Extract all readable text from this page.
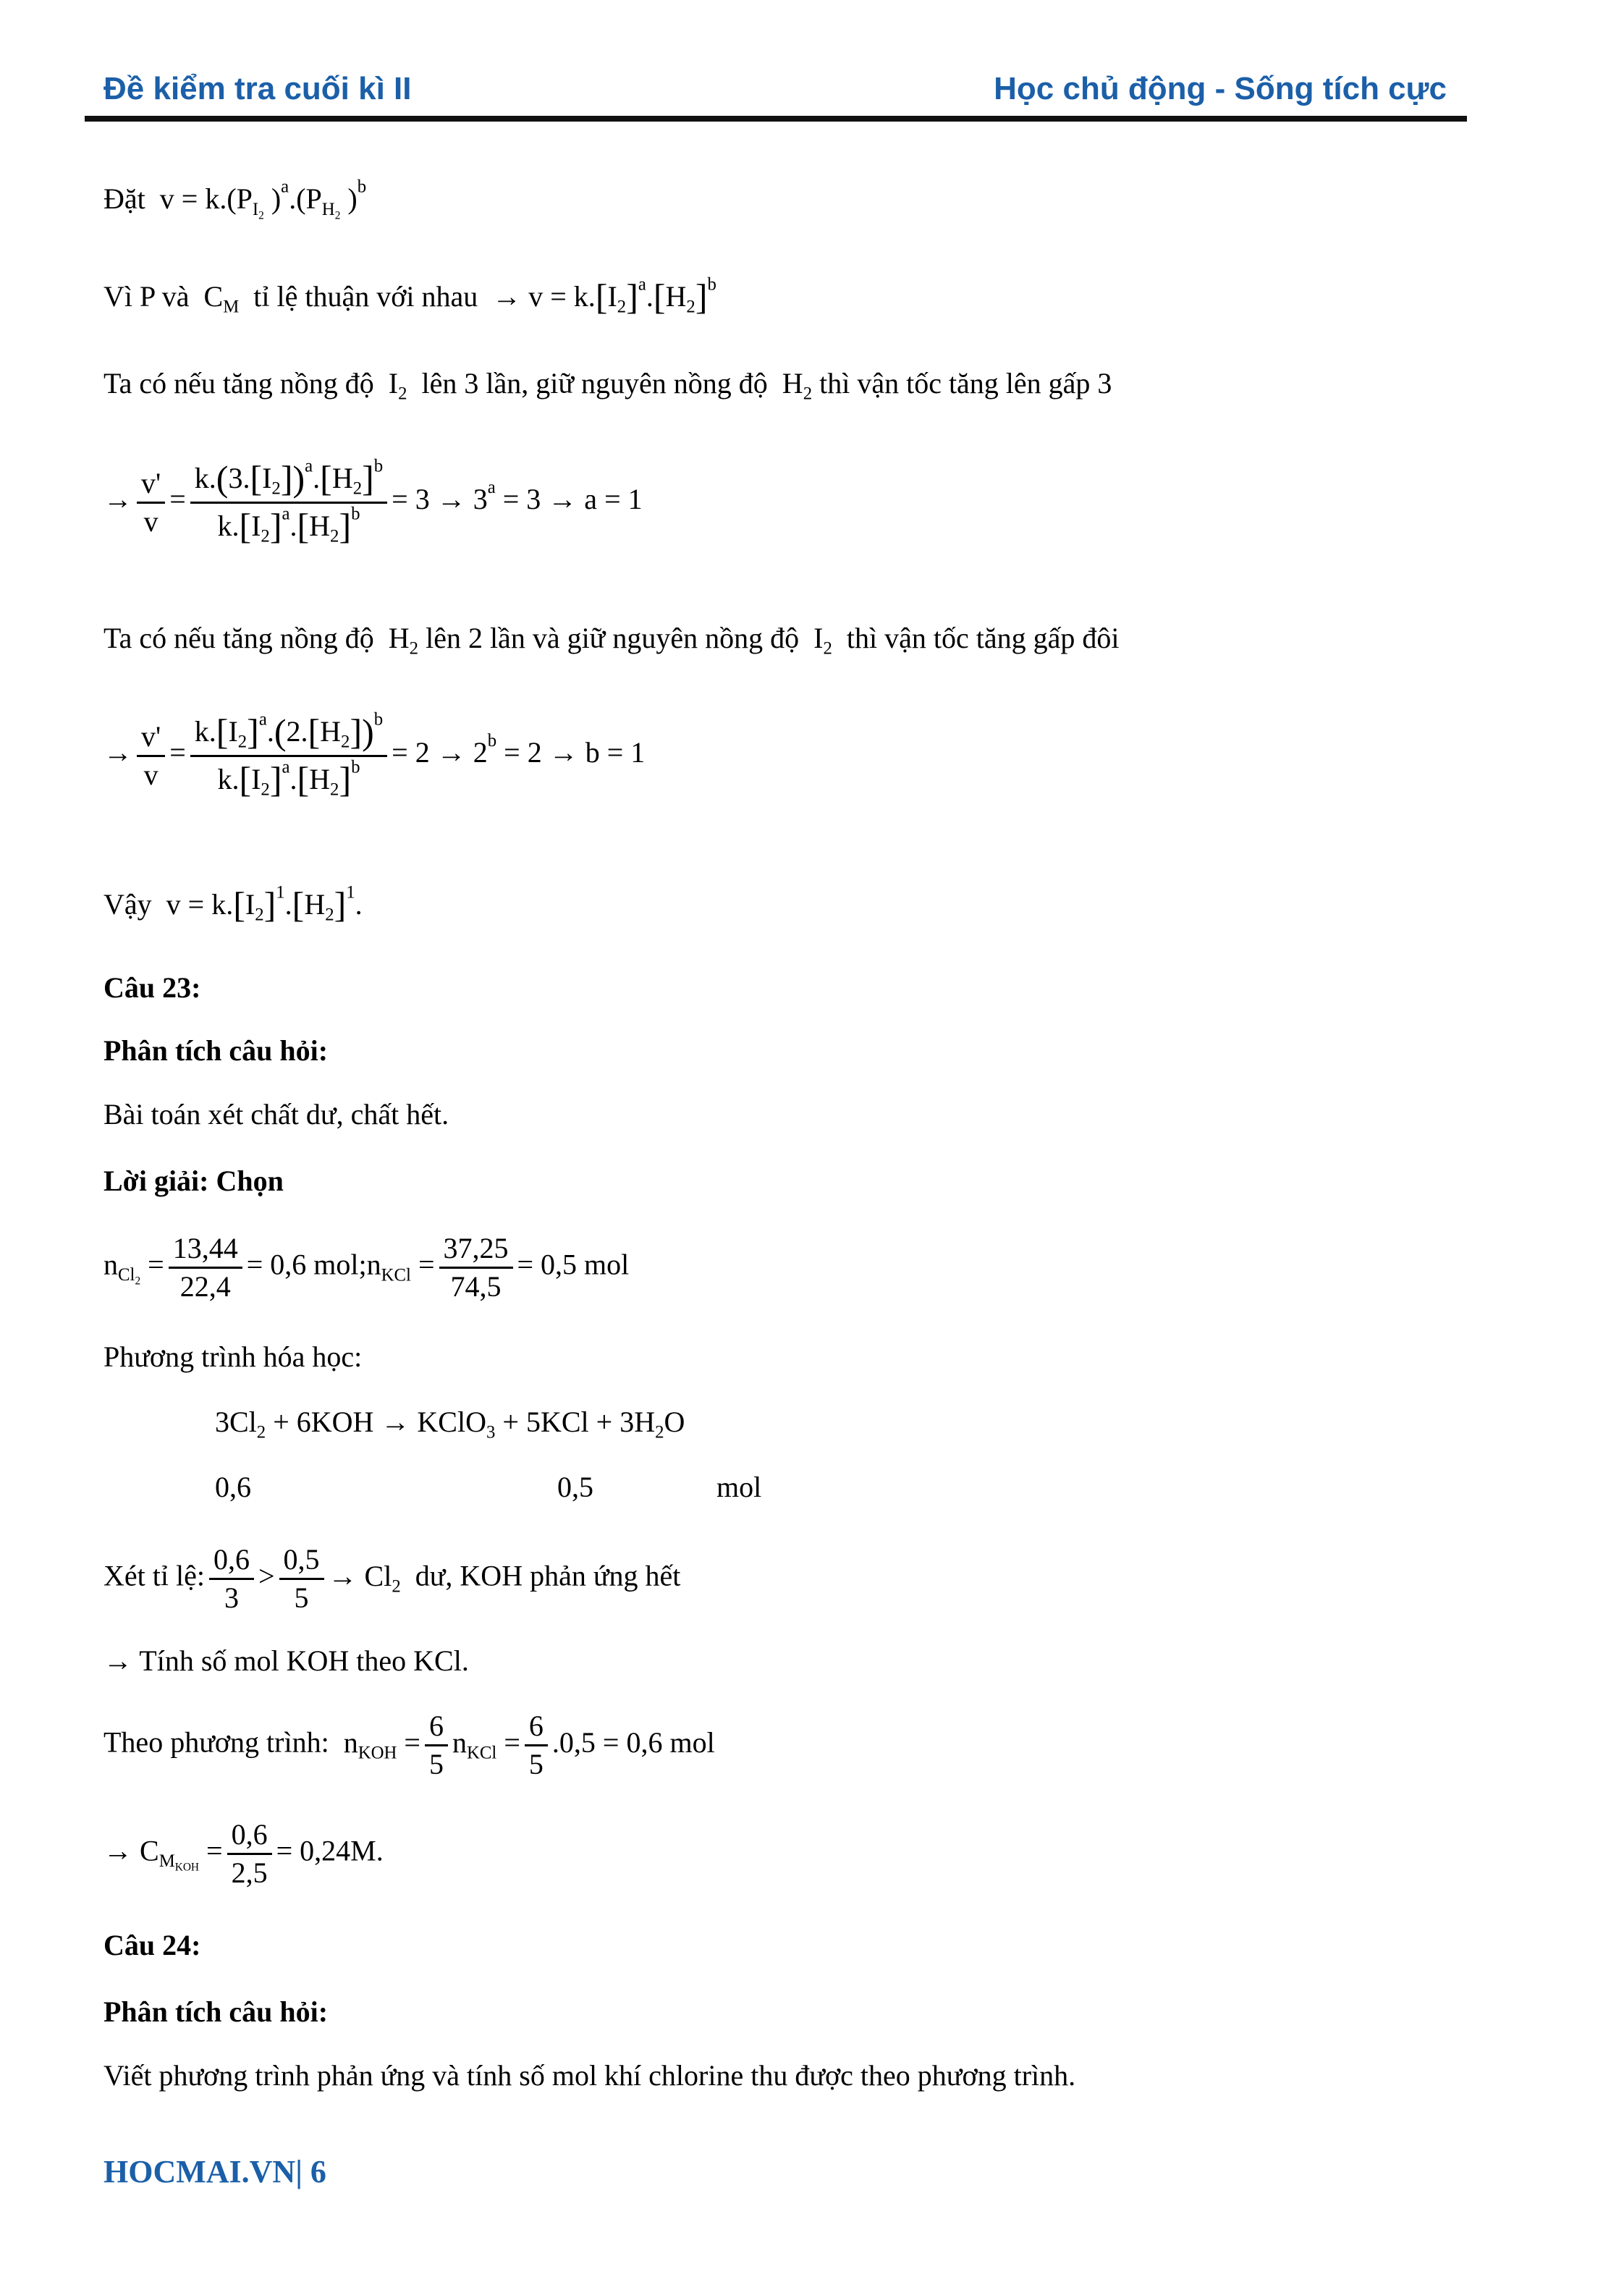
Đề kiểm tra cuối kì II	Học chủ động - Sống tích cực
Đặt $v = k.(P_{I_2}$ )$^a.(P_{H_2}$ )$^b$
Vì P và $C_M$ tỉ lệ thuận với nhau → $v = k.[I_2]^a.[H_2]^b$
Ta có nếu tăng nồng độ $I_2$ lên 3 lần, giữ nguyên nồng độ $H_2$ thì vận tốc tăng lên gấp 3
→ $\frac{v'}{v} = \frac{k.(3.[I_2])^a.[H_2]^b}{k.[I_2]^a.[H_2]^b} = 3 \to 3^a = 3 \to a = 1$
Ta có nếu tăng nồng độ $H_2$ lên 2 lần và giữ nguyên nồng độ $I_2$ thì vận tốc tăng gấp đôi
→ $\frac{v'}{v} = \frac{k.[I_2]^a.(2.[H_2])^b}{k.[I_2]^a.[H_2]^b} = 2 \to 2^b = 2 \to b = 1$
Vậy $v = k.[I_2]^1.[H_2]^1$.
Câu 23:
Phân tích câu hỏi:
Bài toán xét chất dư, chất hết.
Lời giải: Chọn
$n_{Cl_2} = \frac{13,44}{22,4} = 0,6$ $mol;n_{KCl} = \frac{37,25}{74,5} = 0,5$ mol
Phương trình hóa học:
$3Cl_2 + 6KOH$ → KClO$_3$ + $5KCl + 3H_2O$
0,6	0,5	mol
Xét tỉ lệ: $\frac{0,6}{3} > \frac{0,5}{5} \to Cl_2$ dư, KOH phản ứng hết
→ Tính số mol KOH theo KCl.
Theo phương trình: $n_{KOH} = \frac{6}{5} n_{KCl} = \frac{6}{5} .0,5 = 0,6$ mol
→ $C_{M_{KOH}} = \frac{0,6}{2,5} = 0,24M$.
Câu 24:
Phân tích câu hỏi:
Viết phương trình phản ứng và tính số mol khí chlorine thu được theo phương trình.
HOCMAI.VN| 6
